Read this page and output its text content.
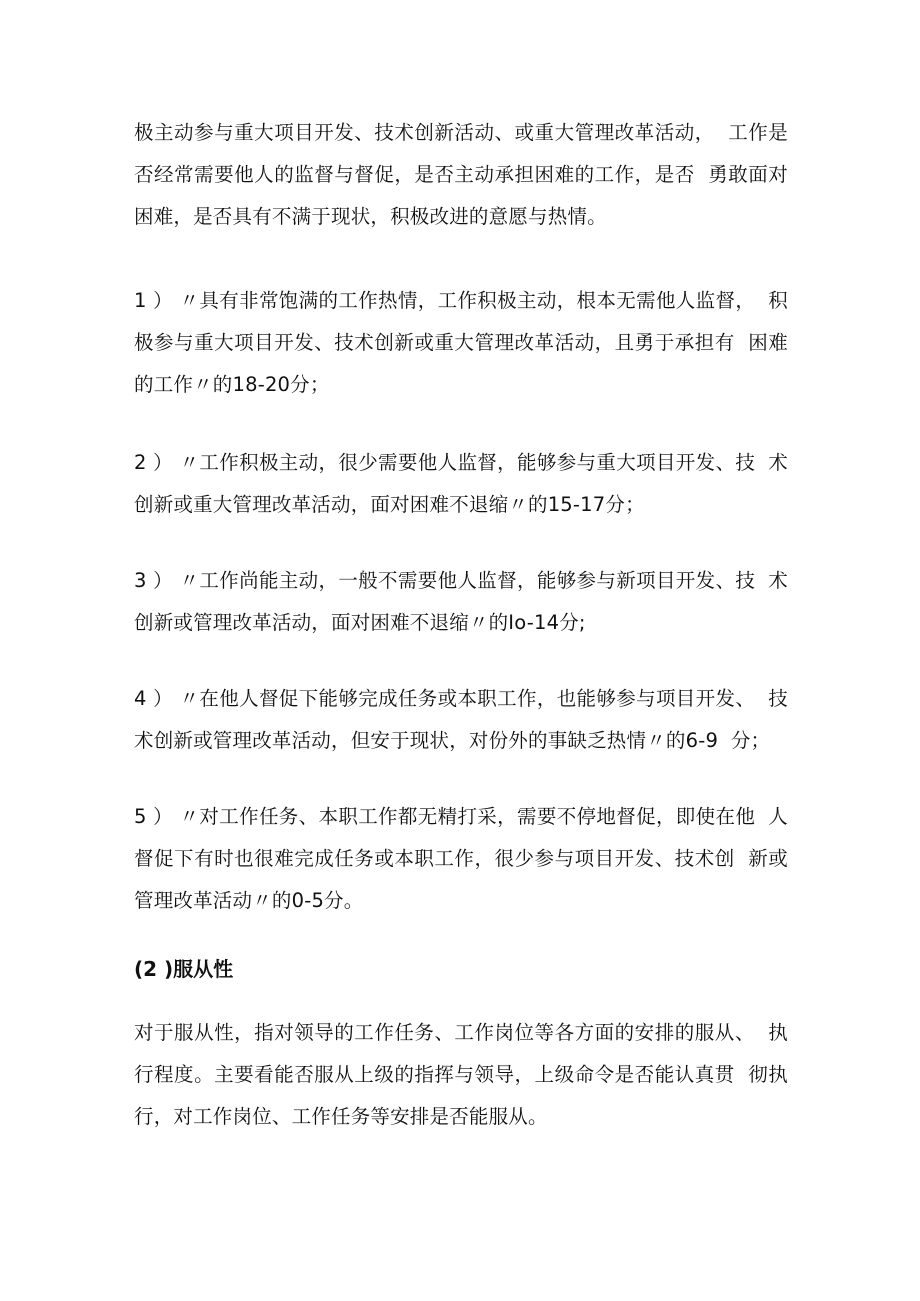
极主动参与重大项目开发、技术创新活动、或重大管理改革活动，  工作是
否经常需要他人的监督与督促，是否主动承担困难的工作，是否  勇敢面对
困难，是否具有不满于现状，积极改进的意愿与热情。

1 ） 〃具有非常饱满的工作热情，工作积极主动，根本无需他人监督，  积
极参与重大项目开发、技术创新或重大管理改革活动，且勇于承担有  困难
的工作〃的18-20分；

2 ） 〃工作积极主动，很少需要他人监督，能够参与重大项目开发、技  术
创新或重大管理改革活动，面对困难不退缩〃的15-17分；

3 ） 〃工作尚能主动，一般不需要他人监督，能够参与新项目开发、技  术
创新或管理改革活动，面对困难不退缩〃的Io-14分;

4 ） 〃在他人督促下能够完成任务或本职工作，也能够参与项目开发、  技
术创新或管理改革活动，但安于现状，对份外的事缺乏热情〃的6-9  分；

5 ） 〃对工作任务、本职工作都无精打采，需要不停地督促，即使在他  人
督促下有时也很难完成任务或本职工作，很少参与项目开发、技术创  新或
管理改革活动〃的0-5分。

(2 )服从性

对于服从性，指对领导的工作任务、工作岗位等各方面的安排的服从、  执
行程度。主要看能否服从上级的指挥与领导，上级命令是否能认真贯  彻执
行，对工作岗位、工作任务等安排是否能服从。
